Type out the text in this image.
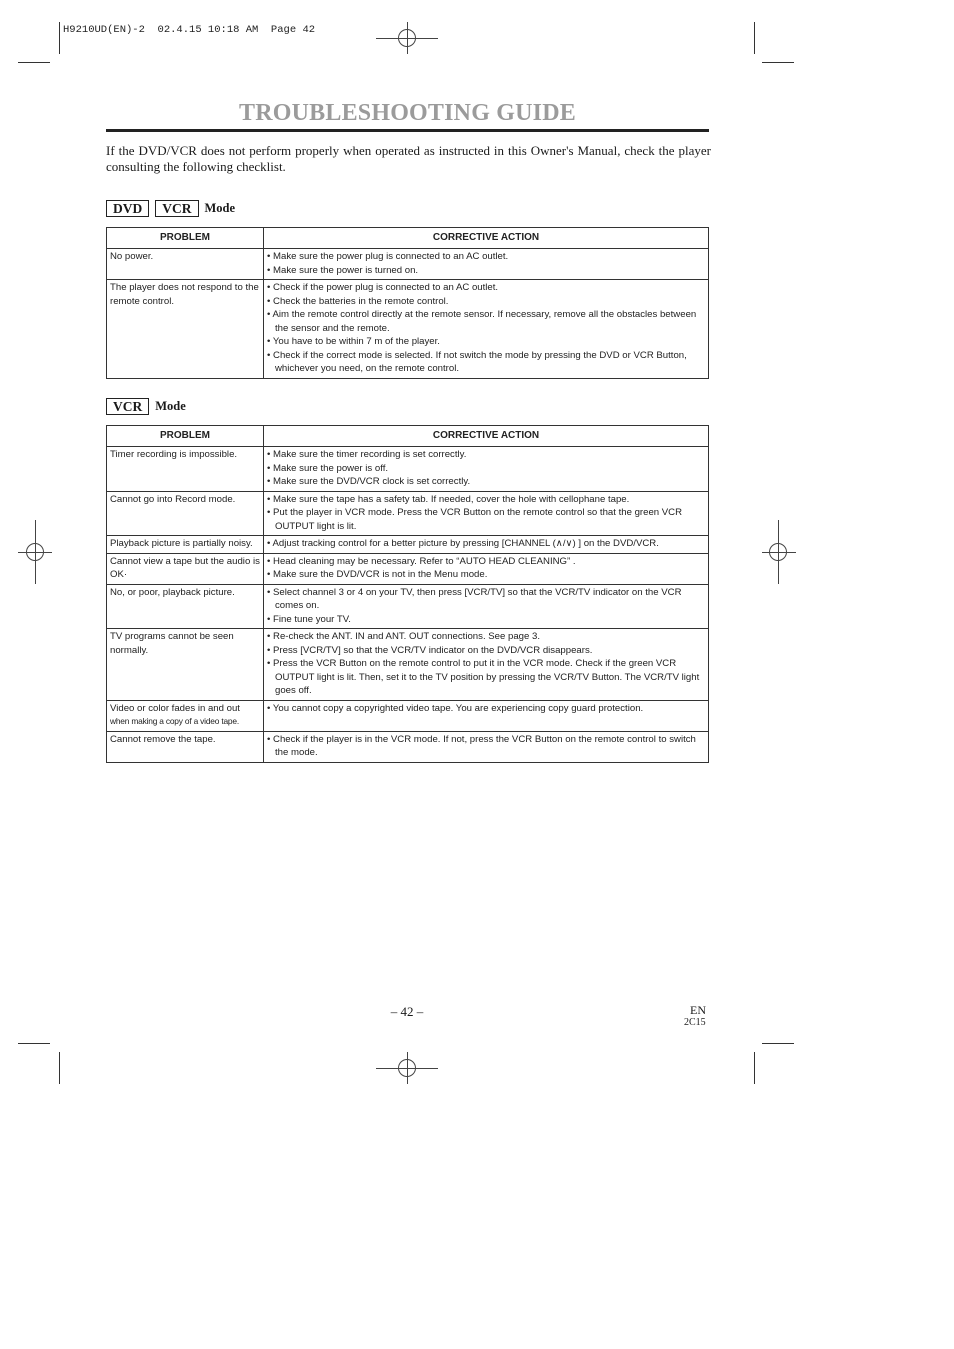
H9210UD(EN)-2  02.4.15 10:18 AM  Page 42
TROUBLESHOOTING GUIDE
If the DVD/VCR does not perform properly when operated as instructed in this Owner's Manual, check the player consulting the following checklist.
DVD	VCR	Mode
PROBLEM	CORRECTIVE ACTION

No power.	• Make sure the power plug is connected to an AC outlet.
• Make sure the power is turned on.

The player does not respond to the remote control.	• Check if the power plug is connected to an AC outlet.
• Check the batteries in the remote control.
• Aim the remote control directly at the remote sensor. If necessary, remove all the obstacles between the sensor and the remote.
• You have to be within 7 m of the player.
• Check if the correct mode is selected. If not switch the mode by pressing the DVD or VCR Button, whichever you need, on the remote control.
VCR	Mode
PROBLEM	CORRECTIVE ACTION

Timer recording is impossible.	• Make sure the timer recording is set correctly.
• Make sure the power is off.
• Make sure the DVD/VCR clock is set correctly.

Cannot go into Record mode.	• Make sure the tape has a safety tab. If needed, cover the hole with cellophane tape.
• Put the player in VCR mode. Press the VCR Button on the remote control so that the green VCR OUTPUT light is lit.

Playback picture is partially noisy.	• Adjust tracking control for a better picture by pressing [CHANNEL (∧/∨) ] on the DVD/VCR.

Cannot view a tape but the audio is OK·	• Head cleaning may be necessary. Refer to “AUTO HEAD CLEANING” .
• Make sure the DVD/VCR is not in the Menu mode.

No, or poor, playback picture.	• Select channel 3 or 4 on your TV, then press [VCR/TV] so that the VCR/TV indicator on the VCR comes on.
• Fine tune your TV.

TV programs cannot be seen normally.	• Re-check the ANT. IN and ANT. OUT connections. See page 3.
• Press [VCR/TV] so that the VCR/TV indicator on the DVD/VCR disappears.
• Press the VCR Button on the remote control to put it in the VCR mode. Check if the green VCR OUTPUT light is lit. Then, set it to the TV position by pressing the VCR/TV Button. The VCR/TV light goes off.

Video or color fades in and out
when making a copy of a video tape.	• You cannot copy a copyrighted video tape. You are experiencing copy guard protection.

Cannot remove the tape.	• Check if the player is in the VCR mode. If not, press the VCR Button on the remote control to switch the mode.
– 42 –	EN
2C15
